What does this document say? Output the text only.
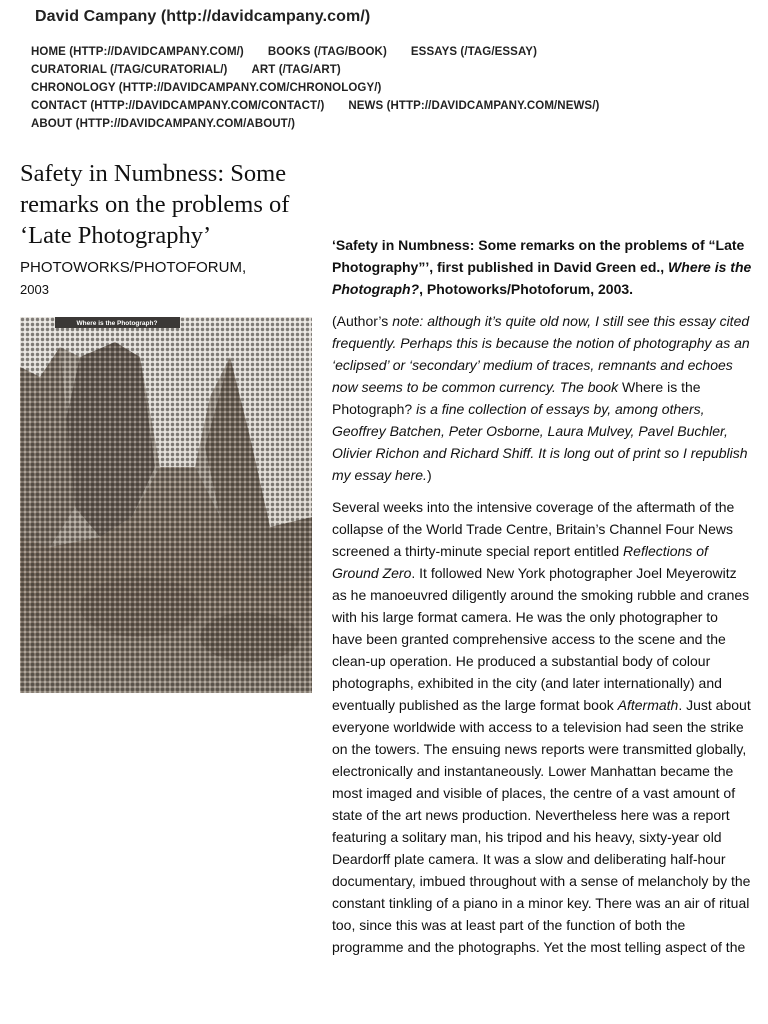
David Campany (http://davidcampany.com/)
HOME (HTTP://DAVIDCAMPANY.COM/) BOOKS (/TAG/BOOK) ESSAYS (/TAG/ESSAY)
CURATORIAL (/TAG/CURATORIAL/) ART (/TAG/ART)
CHRONOLOGY (HTTP://DAVIDCAMPANY.COM/CHRONOLOGY/)
CONTACT (HTTP://DAVIDCAMPANY.COM/CONTACT/) NEWS (HTTP://DAVIDCAMPANY.COM/NEWS/)
ABOUT (HTTP://DAVIDCAMPANY.COM/ABOUT/)
Safety in Numbness: Some remarks on the problems of ‘Late Photography’
PHOTOWORKS/PHOTOFORUM,
2003
Where is the Photograph?

‘Safety in Numbness: Some remarks on the problems of “Late Photography”’, first published in David Green ed., Where is the Photograph?, Photoworks/Photoforum, 2003.

(Author’s note: although it’s quite old now, I still see this essay cited frequently. Perhaps this is because the notion of photography as an ‘eclipsed’ or ‘secondary’ medium of traces, remnants and echoes now seems to be common currency. The book Where is the Photograph? is a fine collection of essays by, among others, Geoffrey Batchen, Peter Osborne, Laura Mulvey, Pavel Buchler, Olivier Richon and Richard Shiff. It is long out of print so I republish my essay here.)

Several weeks into the intensive coverage of the aftermath of the collapse of the World Trade Centre, Britain’s Channel Four News screened a thirty-minute special report entitled Reflections of Ground Zero. It followed New York photographer Joel Meyerowitz as he manoeuvred diligently around the smoking rubble and cranes with his large format camera. He was the only photographer to have been granted comprehensive access to the scene and the clean-up operation. He produced a substantial body of colour photographs, exhibited in the city (and later internationally) and eventually published as the large format book Aftermath. Just about everyone worldwide with access to a television had seen the strike on the towers. The ensuing news reports were transmitted globally, electronically and instantaneously. Lower Manhattan became the most imaged and visible of places, the centre of a vast amount of state of the art news production. Nevertheless here was a report featuring a solitary man, his tripod and his heavy, sixty-year old Deardorff plate camera. It was a slow and deliberating half-hour documentary, imbued throughout with a sense of melancholy by the constant tinkling of a piano in a minor key. There was an air of ritual too, since this was at least part of the function of both the programme and the photographs. Yet the most telling aspect of the
